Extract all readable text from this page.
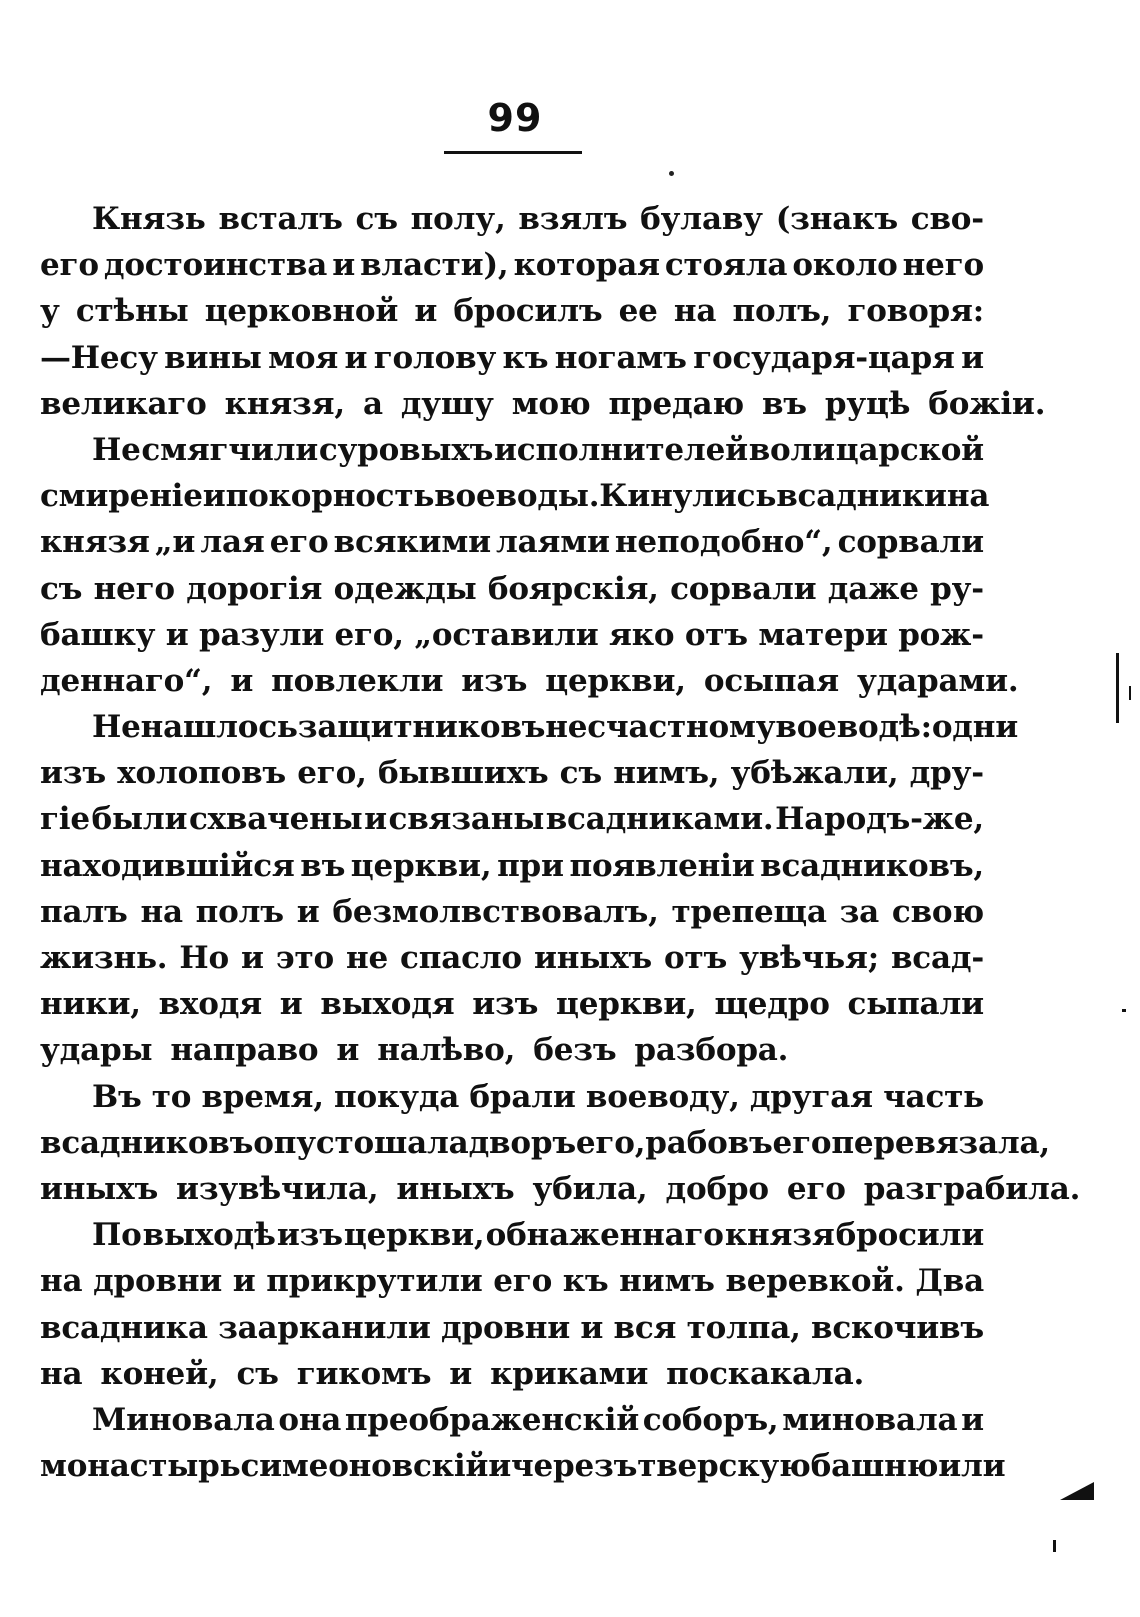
99
Князь всталъ съ полу, взялъ булаву (знакъ сво-
его достоинства и власти), которая стояла около него
у стѣны церковной и бросилъ ее на полъ, говоря:
—Несу вины моя и голову къ ногамъ государя-царя и
великаго князя, а душу мою предаю въ руцѣ божіи.
Не смягчили суровыхъ исполнителей воли царской
смиреніе и покорность воеводы. Кинулись всадники на
князя „и лая его всякими лаями неподобно“, сорвали
съ него дорогія одежды боярскія, сорвали даже ру-
башку и разули его, „оставили яко отъ матери рож-
деннаго“, и повлекли изъ церкви, осыпая ударами.
Не нашлось защитниковъ несчастному воеводѣ: одни
изъ холоповъ его, бывшихъ съ нимъ, убѣжали, дру-
гіе были схвачены и связаны всадниками. Народъ-же,
находившійся въ церкви, при появленіи всадниковъ,
палъ на полъ и безмолвствовалъ, трепеща за свою
жизнь. Но и это не спасло иныхъ отъ увѣчья; всад-
ники, входя и выходя изъ церкви, щедро сыпали
удары направо и налѣво, безъ разбора.
Въ то время, покуда брали воеводу, другая часть
всадниковъ опустошала дворъ его, рабовъ его перевязала,
иныхъ изувѣчила, иныхъ убила, добро его разграбила.
По выходѣ изъ церкви, обнаженнаго князя бросили
на дровни и прикрутили его къ нимъ веревкой. Два
всадника заарканили дровни и вся толпа, вскочивъ
на коней, съ гикомъ и криками поскакала.
Миновала она преображенскій соборъ, миновала и
монастырь симеоновскій и черезъ тверскую башню или
